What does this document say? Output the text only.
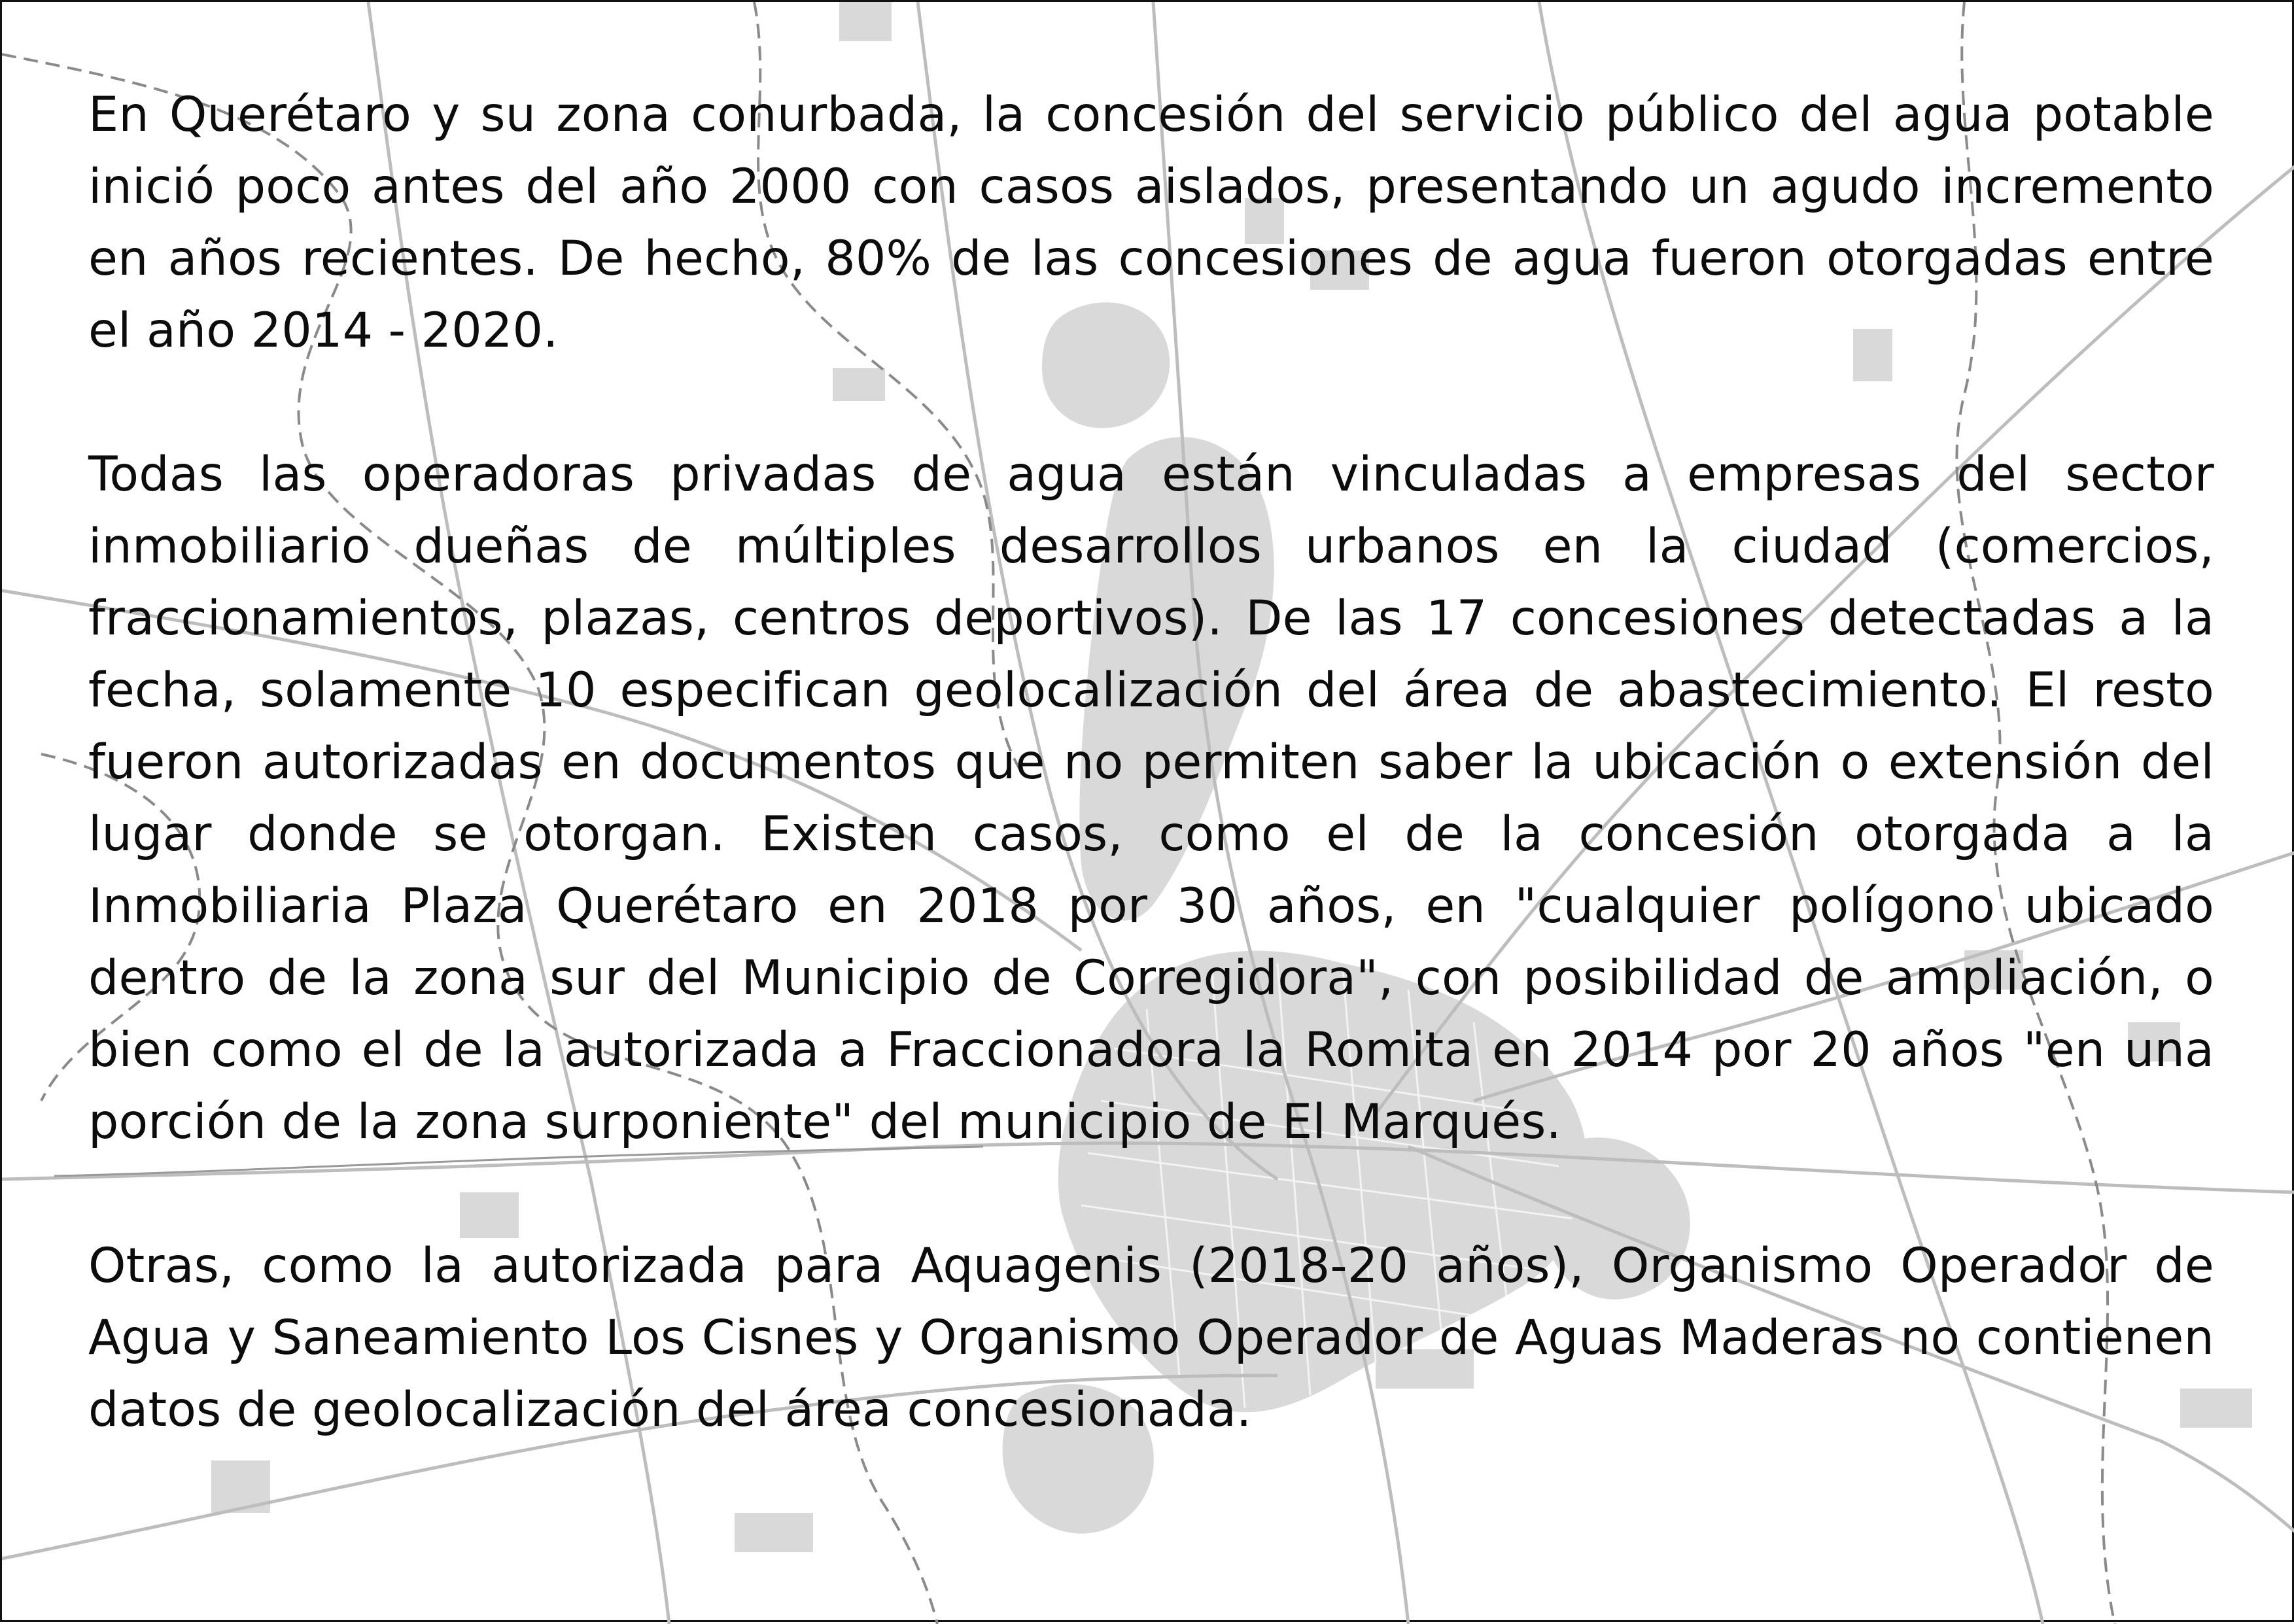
En Querétaro y su zona conurbada, la concesión del servicio público del agua potable inició poco antes del año 2000 con casos aislados, presentando un agudo incremento en años recientes. De hecho, 80% de las concesiones de agua fueron otorgadas entre el año 2014 - 2020.

Todas las operadoras privadas de agua están vinculadas a empresas del sector inmobiliario dueñas de múltiples desarrollos urbanos en la ciudad (comercios, fraccionamientos, plazas, centros deportivos). De las 17 concesiones detectadas a la fecha, solamente 10 especifican geolocalización del área de abastecimiento. El resto fueron autorizadas en documentos que no permiten saber la ubicación o extensión del lugar donde se otorgan. Existen casos, como el de la concesión otorgada a la Inmobiliaria Plaza Querétaro en 2018 por 30 años, en "cualquier polígono ubicado dentro de la zona sur del Municipio de Corregidora", con posibilidad de ampliación, o bien como el de la autorizada a Fraccionadora la Romita en 2014 por 20 años "en una porción de la zona surponiente" del municipio de El Marqués.

Otras, como la autorizada para Aquagenis (2018-20 años), Organismo Operador de Agua y Saneamiento Los Cisnes y Organismo Operador de Aguas Maderas no contienen datos de geolocalización del área concesionada.
